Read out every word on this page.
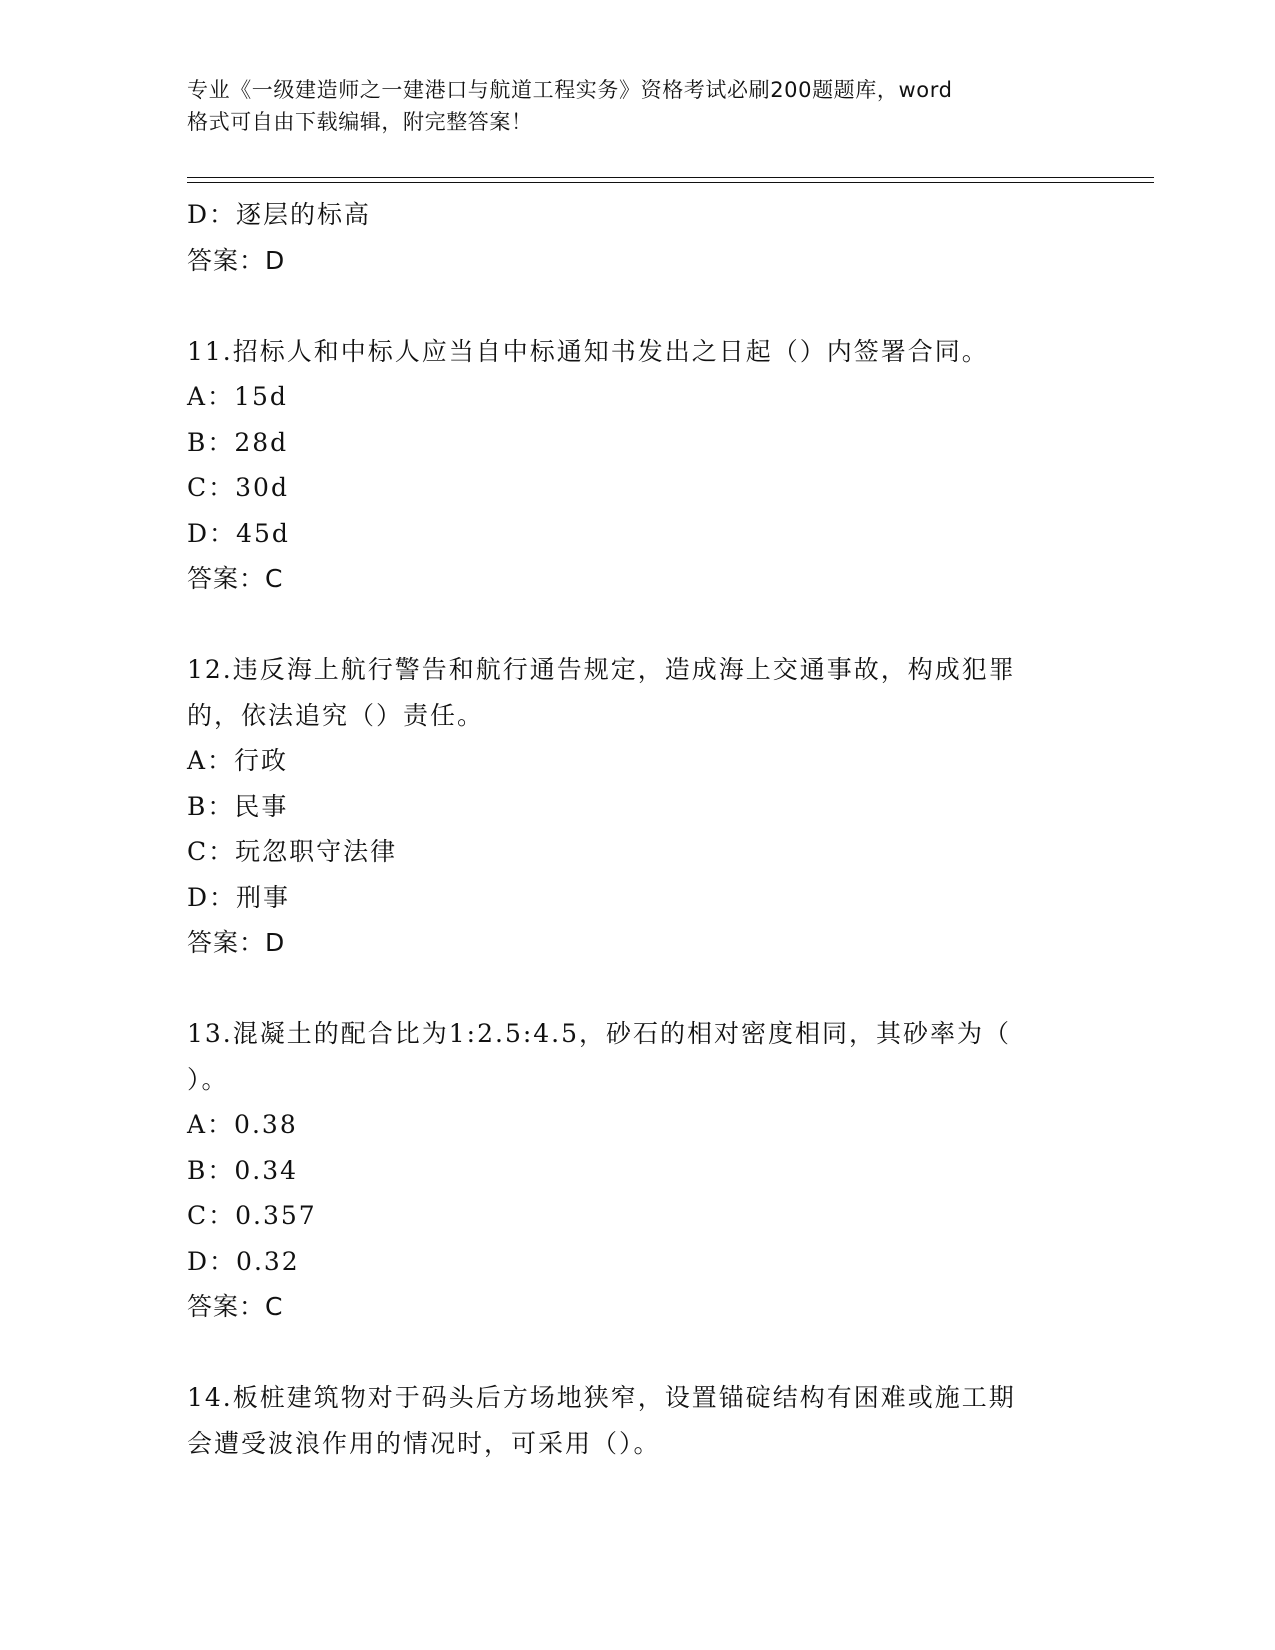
专业《一级建造师之一建港口与航道工程实务》资格考试必刷200题题库，word
格式可自由下载编辑，附完整答案！
D：逐层的标高
答案：D
11.招标人和中标人应当自中标通知书发出之日起（）内签署合同。
A：15d
B：28d
C：30d
D：45d
答案：C
12.违反海上航行警告和航行通告规定，造成海上交通事故，构成犯罪
的，依法追究（）责任。
A：行政
B：民事
C：玩忽职守法律
D：刑事
答案：D
13.混凝土的配合比为1:2.5:4.5，砂石的相对密度相同，其砂率为（
）。
A：0.38
B：0.34
C：0.357
D：0.32
答案：C
14.板桩建筑物对于码头后方场地狭窄，设置锚碇结构有困难或施工期
会遭受波浪作用的情况时，可采用（）。
